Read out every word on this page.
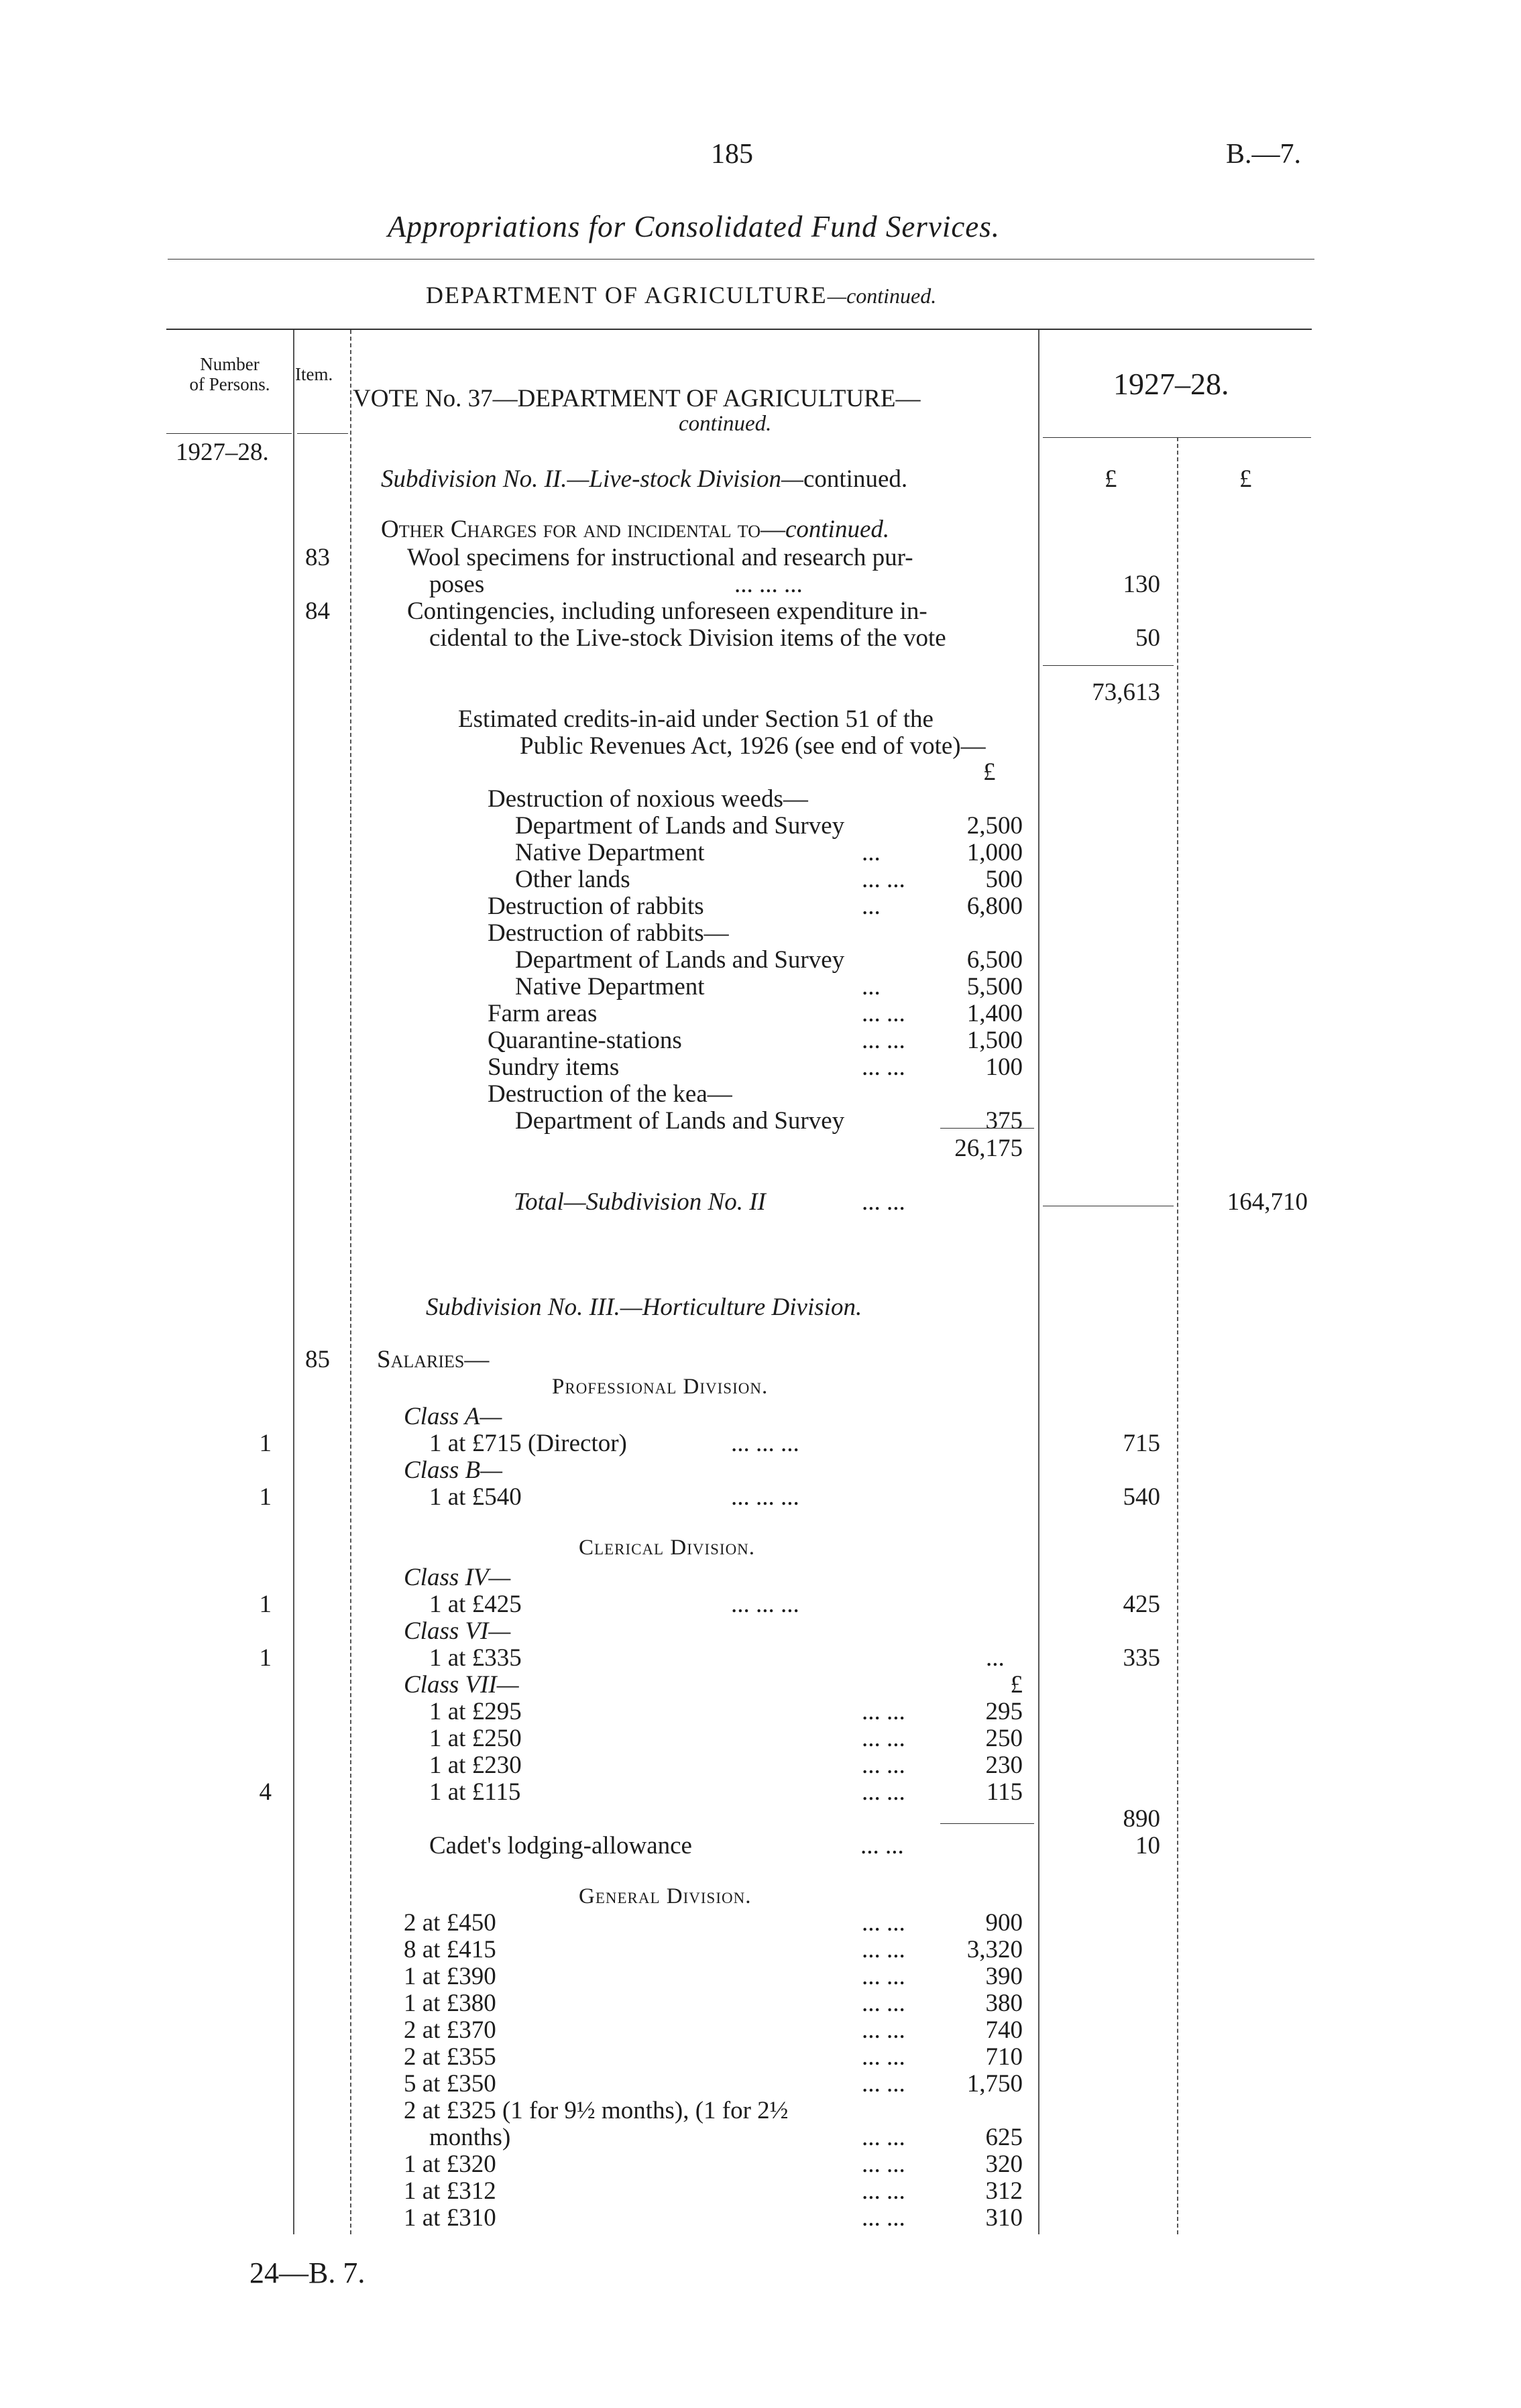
185	B.—7.
Appropriations for Consolidated Fund Services.
DEPARTMENT OF AGRICULTURE—continued.
Number
of Persons.	Item.
VOTE No. 37—DEPARTMENT OF AGRICULTURE—
continued.
1927–28.
1927–28.
£	£
Subdivision No. II.—Live-stock Division—continued.
Other Charges for and incidental to—continued.
83	Wool specimens for instructional and research pur-
poses	... ... ...	130
84	Contingencies, including unforeseen expenditure in-
cidental to the Live-stock Division items of the vote	50
73,613
Estimated credits-in-aid under Section 51 of the
Public Revenues Act, 1926 (see end of vote)—
£
Destruction of noxious weeds—
Department of Lands and Survey	2,500
Native Department	...	1,000
Other lands	... ...	500
Destruction of rabbits	...	6,800
Destruction of rabbits—
Department of Lands and Survey	6,500
Native Department	...	5,500
Farm areas	... ...	1,400
Quarantine-stations	... ...	1,500
Sundry items	... ...	100
Destruction of the kea—
Department of Lands and Survey	375
26,175
Total—Subdivision No. II	... ...	164,710
Subdivision No. III.—Horticulture Division.
85 Salaries—
Professional Division.
Class A—
1	1 at £715 (Director)	... ... ...	715
Class B—
1	1 at £540	... ... ...	540
Clerical Division.
Class IV—
1	1 at £425	... ... ...	425
Class VI—
1	1 at £335	...	335
Class VII—	£
1 at £295	... ...	295
1 at £250	... ...	250
1 at £230	... ...	230
4	1 at £115	... ...	115
890
Cadet's lodging-allowance	... ...	10
General Division.
2 at £450	... ...	900
8 at £415	... ...	3,320
1 at £390	... ...	390
1 at £380	... ...	380
2 at £370	... ...	740
2 at £355	... ...	710
5 at £350	... ...	1,750
2 at £325 (1 for 9½ months), (1 for 2½
months)	... ...	625
1 at £320	... ...	320
1 at £312	... ...	312
1 at £310	... ...	310
24—B. 7.
